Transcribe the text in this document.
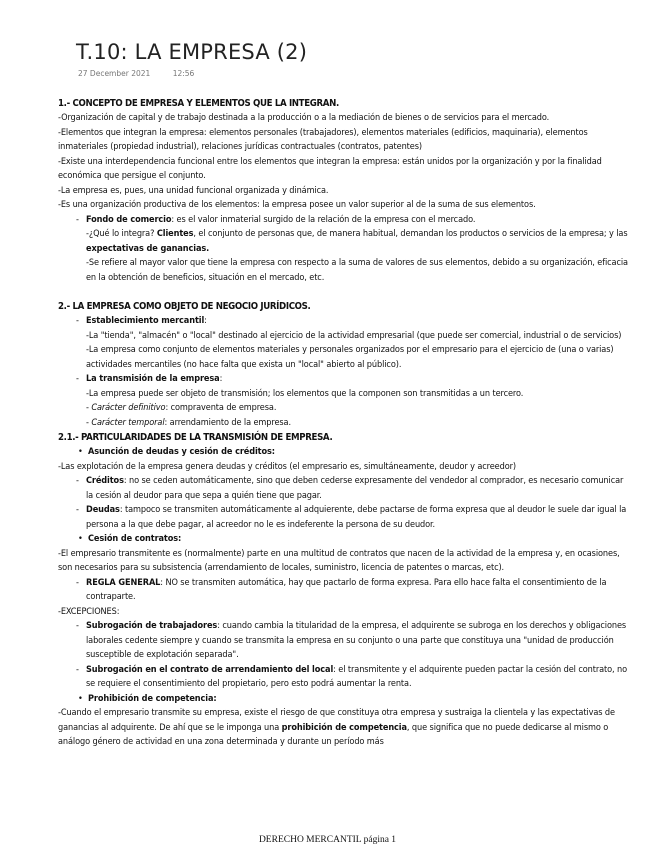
T.10: LA EMPRESA (2)
27 December 2021	12:56
1.- CONCEPTO DE EMPRESA Y ELEMENTOS QUE LA INTEGRAN.

-Organización de capital y de trabajo destinada a la producción o a la mediación de bienes o de servicios para el mercado.

-Elementos que integran la empresa: elementos personales (trabajadores), elementos materiales (edificios, maquinaria), elementos inmateriales (propiedad industrial), relaciones jurídicas contractuales (contratos, patentes)

-Existe una interdependencia funcional entre los elementos que integran la empresa: están unidos por la organización y por la finalidad económica que persigue el conjunto.

-La empresa es, pues, una unidad funcional organizada y dinámica.

-Es una organización productiva de los elementos: la empresa posee un valor superior al de la suma de sus elementos.

- Fondo de comercio: es el valor inmaterial surgido de la relación de la empresa con el mercado.

-¿Qué lo integra? Clientes, el conjunto de personas que, de manera habitual, demandan los productos o servicios de la empresa; y las expectativas de ganancias.

-Se refiere al mayor valor que tiene la empresa con respecto a la suma de valores de sus elementos, debido a su organización, eficacia en la obtención de beneficios, situación en el mercado, etc.

2.- LA EMPRESA COMO OBJETO DE NEGOCIO JURÍDICOS.

- Establecimiento mercantil:

-La "tienda", "almacén" o "local" destinado al ejercicio de la actividad empresarial (que puede ser comercial, industrial o de servicios)

-La empresa como conjunto de elementos materiales y personales organizados por el empresario para el ejercicio de (una o varias) actividades mercantiles (no hace falta que exista un "local" abierto al público).

- La transmisión de la empresa:

-La empresa puede ser objeto de transmisión; los elementos que la componen son transmitidas a un tercero.

- Carácter definitivo: compraventa de empresa.

- Carácter temporal: arrendamiento de la empresa.

2.1.- PARTICULARIDADES DE LA TRANSMISIÓN DE EMPRESA.

• Asunción de deudas y cesión de créditos:

-Las explotación de la empresa genera deudas y créditos (el empresario es, simultáneamente, deudor y acreedor)

- Créditos: no se ceden automáticamente, sino que deben cederse expresamente del vendedor al comprador, es necesario comunicar la cesión al deudor para que sepa a quién tiene que pagar.

- Deudas: tampoco se transmiten automáticamente al adquierente, debe pactarse de forma expresa que al deudor le suele dar igual la persona a la que debe pagar, al acreedor no le es indeferente la persona de su deudor.

• Cesión de contratos:

-El empresario transmitente es (normalmente) parte en una multitud de contratos que nacen de la actividad de la empresa y, en ocasiones, son necesarios para su subsistencia (arrendamiento de locales, suministro, licencia de patentes o marcas, etc).

- REGLA GENERAL: NO se transmiten automática, hay que pactarlo de forma expresa. Para ello hace falta el consentimiento de la contraparte.

-EXCEPCIONES:

- Subrogación de trabajadores: cuando cambia la titularidad de la empresa, el adquirente se subroga en los derechos y obligaciones laborales cedente siempre y cuando se transmita la empresa en su conjunto o una parte que constituya una "unidad de producción susceptible de explotación separada".

- Subrogación en el contrato de arrendamiento del local: el transmitente y el adquirente pueden pactar la cesión del contrato, no se requiere el consentimiento del propietario, pero esto podrá aumentar la renta.

• Prohibición de competencia:

-Cuando el empresario transmite su empresa, existe el riesgo de que constituya otra empresa y sustraiga la clientela y las expectativas de ganancias al adquirente. De ahí que se le imponga una prohibición de competencia, que significa que no puede dedicarse al mismo o análogo género de actividad en una zona determinada y durante un período más

DERECHO MERCANTIL página 1
